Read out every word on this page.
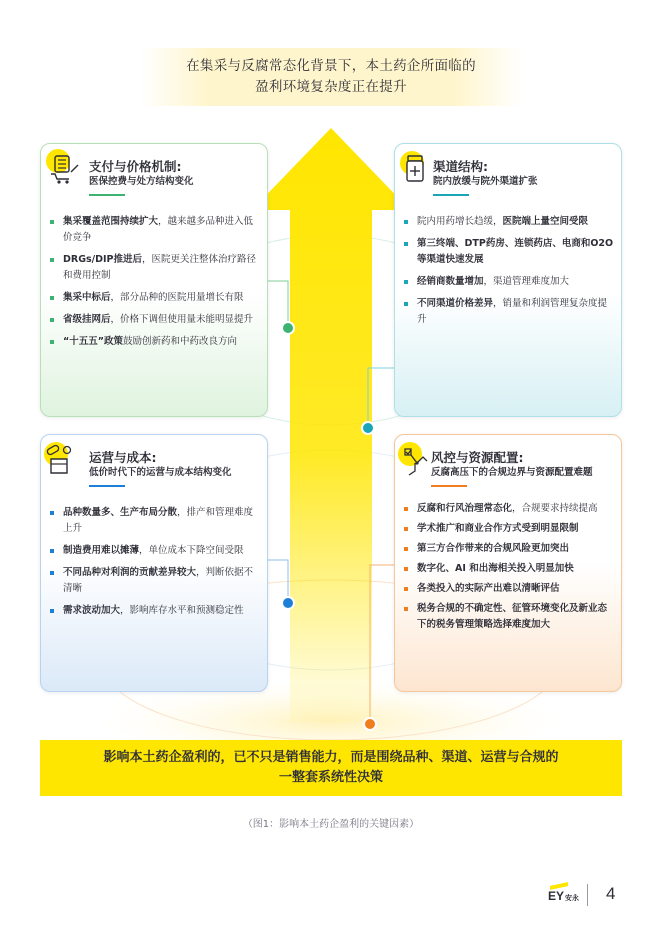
在集采与反腐常态化背景下，本土药企所面临的
盈利环境复杂度正在提升
支付与价格机制:
医保控费与处方结构变化
集采覆盖范围持续扩大，越来越多品种进入低价竞争
DRGs/DIP推进后，医院更关注整体治疗路径和费用控制
集采中标后，部分品种的医院用量增长有限
省级挂网后，价格下调但使用量未能明显提升
“十五五”政策鼓励创新药和中药改良方向
渠道结构:
院内放缓与院外渠道扩张
院内用药增长趋缓，医院端上量空间受限
第三终端、DTP药房、连锁药店、电商和O2O等渠道快速发展
经销商数量增加，渠道管理难度加大
不同渠道价格差异，销量和利润管理复杂度提升
运营与成本:
低价时代下的运营与成本结构变化
品种数量多、生产布局分散，排产和管理难度上升
制造费用难以摊薄，单位成本下降空间受限
不同品种对利润的贡献差异较大，判断依据不清晰
需求波动加大，影响库存水平和预测稳定性
风控与资源配置:
反腐高压下的合规边界与资源配置难题
反腐和行风治理常态化，合规要求持续提高
学术推广和商业合作方式受到明显限制
第三方合作带来的合规风险更加突出
数字化、AI 和出海相关投入明显加快
各类投入的实际产出难以清晰评估
税务合规的不确定性、征管环境变化及新业态下的税务管理策略选择难度加大
影响本土药企盈利的，已不只是销售能力，而是围绕品种、渠道、运营与合规的
一整套系统性决策
（图1：影响本土药企盈利的关键因素）
EY安永 4
